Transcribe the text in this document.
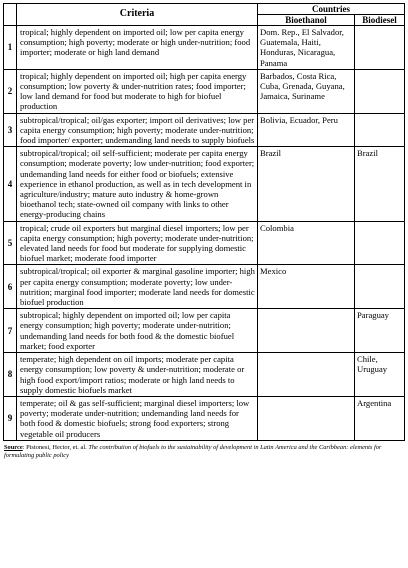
	Criteria	Countries	
		Bioethanol	Biodiesel
1	tropical; highly dependent on imported oil; low per capita energy consumption; high poverty; moderate or high under-nutrition; food importer; moderate or high land demand	Dom. Rep., El Salvador, Guatemala, Haiti, Honduras, Nicaragua, Panama	
2	tropical; highly dependent on imported oil; high per capita energy consumption; low poverty & under-nutrition rates; food importer; low land demand for food but moderate to high for biofuel production	Barbados, Costa Rica, Cuba, Grenada, Guyana, Jamaica, Suriname	
3	subtropical/tropical; oil/gas exporter; import oil derivatives; low per capita energy consumption; high poverty; moderate under-nutrition; food importer/ exporter; undemanding land needs to supply biofuels	Bolivia, Ecuador, Peru	
4	subtropical/tropical; oil self-sufficient; moderate per capita energy consumption; moderate poverty; low under-nutrition; food exporter; undemanding land needs for either food or biofuels; extensive experience in ethanol production, as well as in tech development in agriculture/industry; mature auto industry & home-grown bioethanol tech; state-owned oil company with links to other energy-producing chains	Brazil	Brazil
5	tropical; crude oil exporters but marginal diesel importers; low per capita energy consumption; high poverty; moderate under-nutrition; elevated land needs for food but moderate for supplying domestic biofuel market; moderate food importer	Colombia	
6	subtropical/tropical; oil exporter & marginal gasoline importer; high per capita energy consumption; moderate poverty; low under-nutrition; marginal food importer; moderate land needs for domestic biofuel production	Mexico	
7	subtropical; highly dependent on imported oil; low per capita energy consumption; high poverty; moderate under-nutrition; undemanding land needs for both food & the domestic biofuel market; food exporter		Paraguay
8	temperate; high dependent on oil imports; moderate per capita energy consumption; low poverty & under-nutrition; moderate or high food export/import ratios; moderate or high land needs to supply domestic biofuels market		Chile, Uruguay
9	temperate; oil & gas self-sufficient; marginal diesel importers; low poverty; moderate under-nutrition; undemanding land needs for both food & domestic biofuels; strong food exporters; strong vegetable oil producers		Argentina
Source: Pistonesi, Hector, et. al. The contribution of biofuels to the sustainability of development in Latin America and the Caribbean: elements for formulating public policy
